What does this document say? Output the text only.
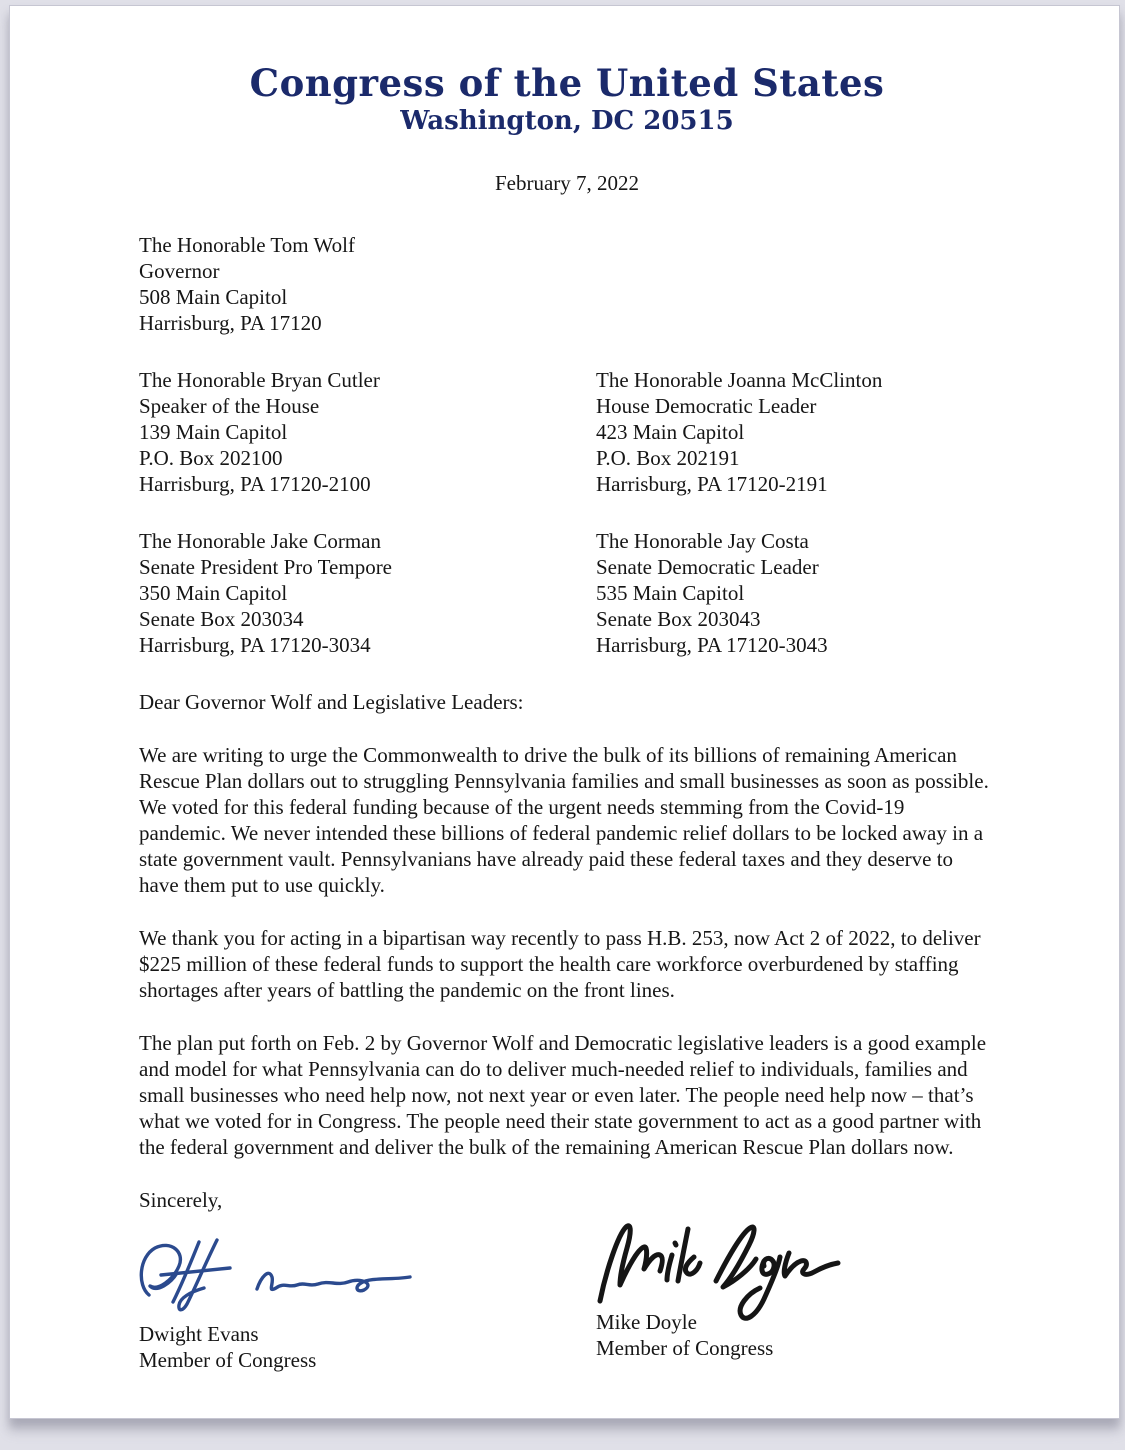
Congress of the United States
Washington, DC 20515
February 7, 2022
The Honorable Tom Wolf
Governor
508 Main Capitol
Harrisburg, PA 17120
The Honorable Bryan Cutler
Speaker of the House
139 Main Capitol
P.O. Box 202100
Harrisburg, PA 17120-2100
The Honorable Joanna McClinton
House Democratic Leader
423 Main Capitol
P.O. Box 202191
Harrisburg, PA 17120-2191
The Honorable Jake Corman
Senate President Pro Tempore
350 Main Capitol
Senate Box 203034
Harrisburg, PA 17120-3034
The Honorable Jay Costa
Senate Democratic Leader
535 Main Capitol
Senate Box 203043
Harrisburg, PA 17120-3043
Dear Governor Wolf and Legislative Leaders:
We are writing to urge the Commonwealth to drive the bulk of its billions of remaining American Rescue Plan dollars out to struggling Pennsylvania families and small businesses as soon as possible. We voted for this federal funding because of the urgent needs stemming from the Covid-19 pandemic. We never intended these billions of federal pandemic relief dollars to be locked away in a state government vault. Pennsylvanians have already paid these federal taxes and they deserve to have them put to use quickly.
We thank you for acting in a bipartisan way recently to pass H.B. 253, now Act 2 of 2022, to deliver $225 million of these federal funds to support the health care workforce overburdened by staffing shortages after years of battling the pandemic on the front lines.
The plan put forth on Feb. 2 by Governor Wolf and Democratic legislative leaders is a good example and model for what Pennsylvania can do to deliver much-needed relief to individuals, families and small businesses who need help now, not next year or even later. The people need help now – that’s what we voted for in Congress. The people need their state government to act as a good partner with the federal government and deliver the bulk of the remaining American Rescue Plan dollars now.
Sincerely,
Dwight Evans
Member of Congress
Mike Doyle
Member of Congress
